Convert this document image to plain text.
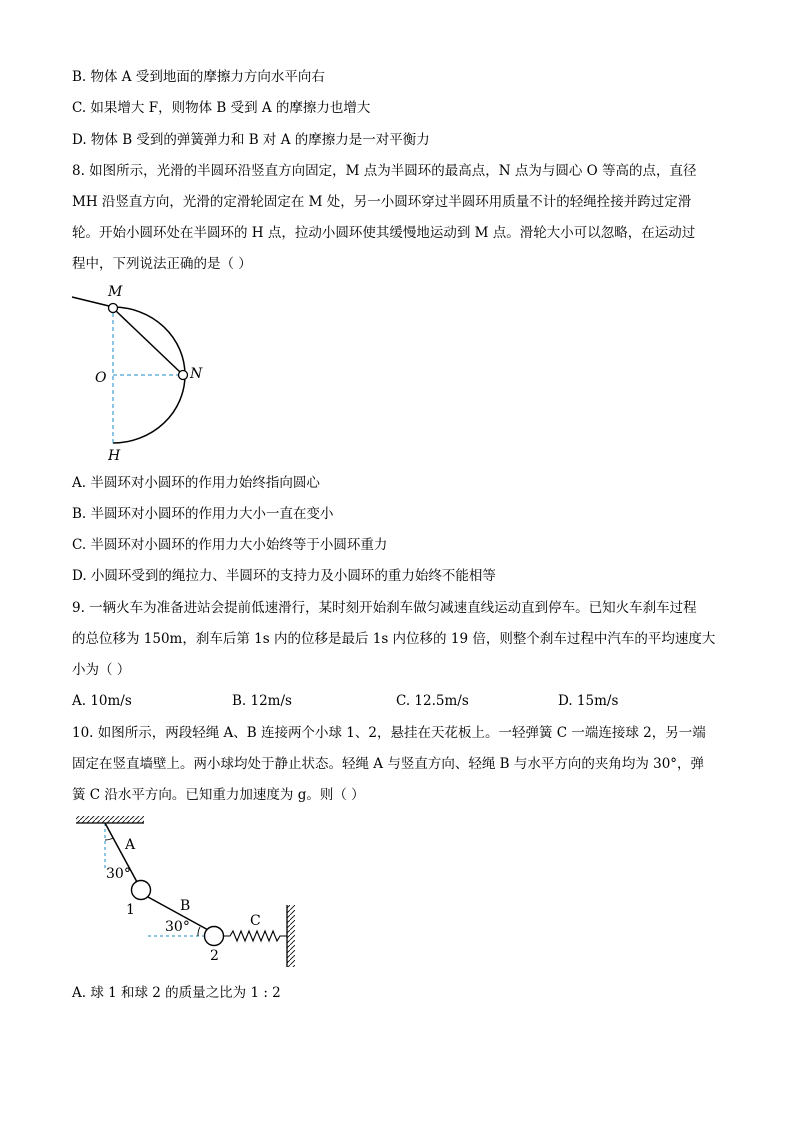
B. 物体 A 受到地面的摩擦力方向水平向右
C. 如果增大 F，则物体 B 受到 A 的摩擦力也增大
D. 物体 B 受到的弹簧弹力和 B 对 A 的摩擦力是一对平衡力
8. 如图所示，光滑的半圆环沿竖直方向固定，M 点为半圆环的最高点，N 点为与圆心 O 等高的点，直径
MH 沿竖直方向，光滑的定滑轮固定在 M 处，另一小圆环穿过半圆环用质量不计的轻绳拴接并跨过定滑
轮。开始小圆环处在半圆环的 H 点，拉动小圆环使其缓慢地运动到 M 点。滑轮大小可以忽略，在运动过
程中，下列说法正确的是（ ）
M
O	N
H
A. 半圆环对小圆环的作用力始终指向圆心
B. 半圆环对小圆环的作用力大小一直在变小
C. 半圆环对小圆环的作用力大小始终等于小圆环重力
D. 小圆环受到的绳拉力、半圆环的支持力及小圆环的重力始终不能相等
9. 一辆火车为准备进站会提前低速滑行，某时刻开始刹车做匀减速直线运动直到停车。已知火车刹车过程
的总位移为 150m，刹车后第 1s 内的位移是最后 1s 内位移的 19 倍，则整个刹车过程中汽车的平均速度大
小为（ ）
A. 10m/s	B. 12m/s	C. 12.5m/s	D. 15m/s
10. 如图所示，两段轻绳 A、B 连接两个小球 1、2，悬挂在天花板上。一轻弹簧 C 一端连接球 2，另一端
固定在竖直墙壁上。两小球均处于静止状态。轻绳 A 与竖直方向、轻绳 B 与水平方向的夹角均为 30°，弹
簧 C 沿水平方向。已知重力加速度为 g。则（ ）
A
30°
1	B
30°	C
2
A. 球 1 和球 2 的质量之比为 1 : 2
